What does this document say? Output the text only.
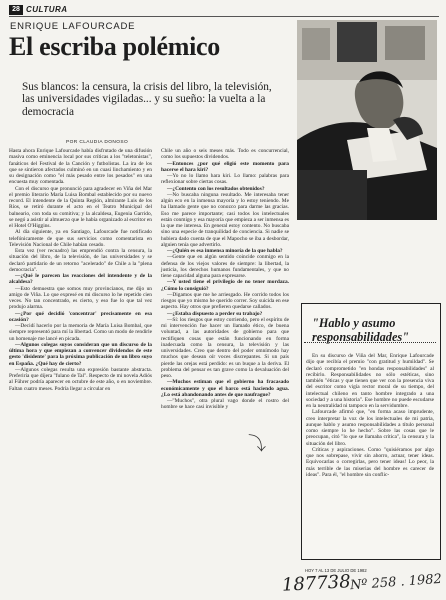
28 CULTURA
ENRIQUE LAFOURCADE
El escriba polémico
Sus blancos: la censura, la crisis del libro, la televisión, las universidades vigiladas... y su sueño: la vuelta a la democracia
POR CLAUDIA DONOSO

Hasta ahora Enrique Lafourcade había disfrutado de una difusión masiva como eminencia local por sus críticas a los "teletonistas", fanáticos del Festival de la Canción y futbolistas. La ira de los que se sintieron afectados culminó en un cuasi linchamiento y en su designación como "el más pesado entre los pesados" en una encuesta muy comentada.

Con el discurso que pronunció para agradecer en Viña del Mar el premio literario María Luisa Bombal establecido por su nuevo record. El intendente de la Quinta Región, almirante Luis de los Ríos, se retiró durante el acto en el Teatro Municipal del balneario, con toda su comitiva; y la alcaldesa, Eugenia Garrido, se negó a asistir al almuerzo que le había organizado al escritor en el Hotel O'Higgins.

Al día siguiente, ya en Santiago, Lafourcade fue notificado telefónicamente de que sus servicios como comentarista en Televisión Nacional de Chile habían cesado.

Esta vez (ver recuadro) las emprendió contra la censura, la situación del libro, de la televisión, de las universidades y se declaró partidario de un retorno "acelerado" de Chile a la "plena democracia".

—¿Qué le parecen las reacciones del intendente y de la alcaldesa?

—Esto demuestra que somos muy provincianos, me dijo un amigo de Viña. Lo que expresé en mi discurso lo he repetido cien veces. No tan concentrado, es cierto, y eso fue lo que tal vez produjo alarma.

—¿Por qué decidió 'concentrar' precisamente en esa ocasión?

—Decidí hacerlo por la memoria de María Luisa Bombal, que siempre representó para mí la libertad. Como un modo de rendirle un homenaje me lancé en picada.

—Algunos colegas suyos consideran que un discurso de la última hora y que empiezan a convencer dividendos de este gesto 'disidente' para la próxima publicación de un libro suyo en España. ¿Qué hay de cierto?

—Algunos colegas resulta una expresión bastante abstracta. Preferiría que dijera "fulano de Tal". Respecto de mi novela Adiós al Führer podría aparecer en octubre de este año, o en noviembre. Faltan cuatro meses. Podría llegar a circular en

Chile un año o seis meses más. Todo es concurrencial, como los supuestos dividendos.

—Entonces ¿por qué eligió este momento para hacerse el hara kiri?

—Yo no lo llamo hara kiri. Lo llamo: palabras para reflexionar sobre ciertas cosas.

—¿Contento con los resultados obtenidos?

—No buscaba ninguna resultado. Me interesaba tener algún eco en la inmensa mayoría y lo estoy teniendo. Me ha llamado gente que no conozco para darme las gracias. Eso me parece importante; casi todos los intelectuales están conmigo y esa mayoría que empieza a ser inmensa es la que me interesa. En general estoy contento. No buscaba sino una especie de tranquilidad de conciencia. Si nadie se hubiera dado cuenta de que el Mapocho se iba a desbordar, alguien tenía que advertirlo.

—¿Quién es esa inmensa minoría de la que habla?

—Gente que en algún sentido coincide conmigo en la defensa de los viejos valores de siempre: la libertad, la justicia, los derechos humanos fundamentales, y que no tiene capacidad alguna para expresarse.

—Y usted tiene el privilegio de no tener mordaza. ¿Cómo lo consiguió?

—Digamos que me he arriesgado. He corrido todos los riesgos que yo mismo he querido correr. Soy suicida en ese aspecto. Hay otros que prefieren quedarse callados.

—¿Estaba dispuesto a perder su trabajo?

—Sí: los riesgos que estoy corriendo, pero el espíritu de mi intervención fue hacer un llamado ético, de buena voluntad, a las autoridades de gobierno para que rectifiquen cosas que están funcionando en forma inadecuada como la censura, la televisión y las universidades. Creo que dentro del poder omnímodo hay muchos que desean oír voces discrepantes. Si un país pierde las orejas está perdido: es un buque a la deriva. El problema del pensar es tan grave como la devaluación del peso.

—Muchos estiman que el gobierno ha fracasado económicamente y que el barco está haciendo agua. ¿Lo está abandonando antes de que naufrague?

—"Muchos", otra plural vago donde el rostro del hombre se hace casi invisible y

⤵
"Hablo y asumo responsabilidades"

En su discurso de Viña del Mar, Enrique Lafourcade dijo que recibía el premio "con gratitud y humildad". Se declaró comprometido "en hondas responsabilidades" al recibirlo. Responsabilidades no sólo estéticas, sino también "éticas y que tienen que ver con la presencia viva del escritor como vigía rector moral de su tiempo, del intelectual chileno en tanto hombre integrado a una sociedad y a una historia". Ese hombre no puede escudarse en la neutralidad ni tampoco en la servidumbre.

Lafourcade afirmó que, "en forma acaso imprudente, creo interpretar la voz de los intelectuales de mi patria, aunque hablo y asumo responsabilidades a título personal como siempre lo he hecho". Sobre las cosas que le preocupan, citó "lo que se llamaba crítica", la censura y la situación del libro.

Críticas y aspiraciones. Como "quisiéramos por algo que nos sobrepase, vivir sin ahorro, actuar, tener ideas. Equivocarlas o corregirlas, pero tener ideas! Lo peor, la más terrible de las miserias del hombre es carecer de ideas". Para él, "el hombre sin conflic-

HOY 7 AL 13 DE JULIO DE 1982
187738
Nº 258 . 1982
